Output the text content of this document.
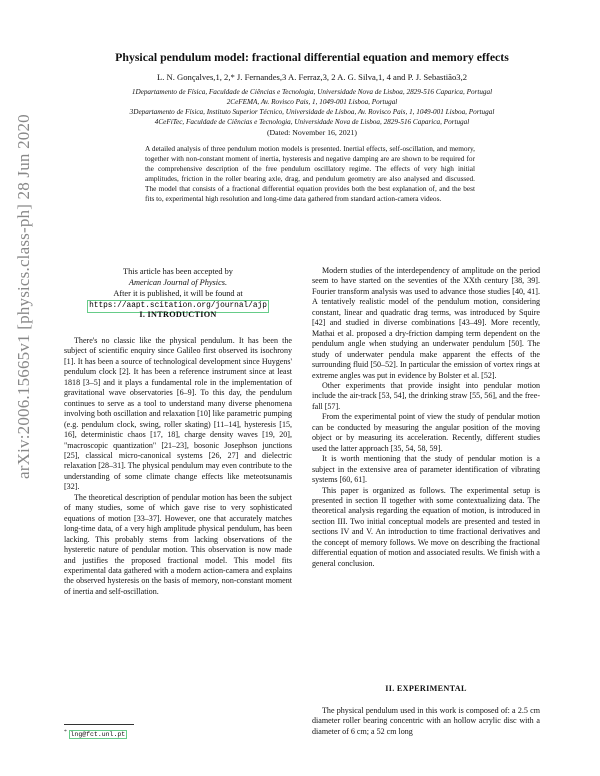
arXiv:2006.15665v1 [physics.class-ph] 28 Jun 2020
Physical pendulum model: fractional differential equation and memory effects
L. N. Gonçalves,1, 2,* J. Fernandes,3 A. Ferraz,3, 2 A. G. Silva,1, 4 and P. J. Sebastião3,2
1Departamento de Física, Faculdade de Ciências e Tecnologia, Universidade Nova de Lisboa, 2829-516 Caparica, Portugal
2CeFEMA, Av. Rovisco Pais, 1, 1049-001 Lisboa, Portugal
3Departamento de Física, Instituto Superior Técnico, Universidade de Lisboa, Av. Rovisco Pais, 1, 1049-001 Lisboa, Portugal
4CeFiTec, Faculdade de Ciências e Tecnologia, Universidade Nova de Lisboa, 2829-516 Caparica, Portugal
(Dated: November 16, 2021)
A detailed analysis of three pendulum motion models is presented. Inertial effects, self-oscillation, and memory, together with non-constant moment of inertia, hysteresis and negative damping are are shown to be required for the comprehensive description of the free pendulum oscillatory regime. The effects of very high initial amplitudes, friction in the roller bearing axle, drag, and pendulum geometry are also analysed and discussed. The model that consists of a fractional differential equation provides both the best explanation of, and the best fits to, experimental high resolution and long-time data gathered from standard action-camera videos.
This article has been accepted by
American Journal of Physics.
After it is published, it will be found at
https://aapt.scitation.org/journal/ajp
I. INTRODUCTION

There's no classic like the physical pendulum. It has been the subject of scientific enquiry since Galileo first observed its isochrony [1]. It has been a source of technological development since Huygens' pendulum clock [2]. It has been a reference instrument since at least 1818 [3–5] and it plays a fundamental role in the implementation of gravitational wave observatories [6–9]. To this day, the pendulum continues to serve as a tool to understand many diverse phenomena involving both oscillation and relaxation [10] like parametric pumping (e.g. pendulum clock, swing, roller skating) [11–14], hysteresis [15, 16], deterministic chaos [17, 18], charge density waves [19, 20], "macroscopic quantization" [21–23], bosonic Josephson junctions [25], classical micro-canonical systems [26, 27] and dielectric relaxation [28–31]. The physical pendulum may even contribute to the understanding of some climate change effects like meteotsunamis [32].

The theoretical description of pendular motion has been the subject of many studies, some of which gave rise to very sophisticated equations of motion [33–37]. However, one that accurately matches long-time data, of a very high amplitude physical pendulum, has been lacking. This probably stems from lacking observations of the hysteretic nature of pendular motion. This observation is now made and justifies the proposed fractional model. This model fits experimental data gathered with a modern action-camera and explains the observed hysteresis on the basis of memory, non-constant moment of inertia and self-oscillation.

Modern studies of the interdependency of amplitude on the period seem to have started on the seventies of the XXth century [38, 39]. Fourier transform analysis was used to advance those studies [40, 41]. A tentatively realistic model of the pendulum motion, considering constant, linear and quadratic drag terms, was introduced by Squire [42] and studied in diverse combinations [43–49]. More recently, Mathai et al. proposed a dry-friction damping term dependent on the pendulum angle when studying an underwater pendulum [50]. The study of underwater pendula make apparent the effects of the surrounding fluid [50–52]. In particular the emission of vortex rings at extreme angles was put in evidence by Bolster et al. [52].

Other experiments that provide insight into pendular motion include the air-track [53, 54], the drinking straw [55, 56], and the free-fall [57].

From the experimental point of view the study of pendular motion can be conducted by measuring the angular position of the moving object or by measuring its acceleration. Recently, different studies used the latter approach [35, 54, 58, 59].

It is worth mentioning that the study of pendular motion is a subject in the extensive area of parameter identification of vibrating systems [60, 61].

This paper is organized as follows. The experimental setup is presented in section II together with some contextualizing data. The theoretical analysis regarding the equation of motion, is introduced in section III. Two initial conceptual models are presented and tested in sections IV and V. An introduction to time fractional derivatives and the concept of memory follows. We move on describing the fractional differential equation of motion and associated results. We finish with a general conclusion.

II. EXPERIMENTAL

The physical pendulum used in this work is composed of: a 2.5 cm diameter roller bearing concentric with an hollow acrylic disc with a diameter of 6 cm; a 52 cm long

* lng@fct.unl.pt
